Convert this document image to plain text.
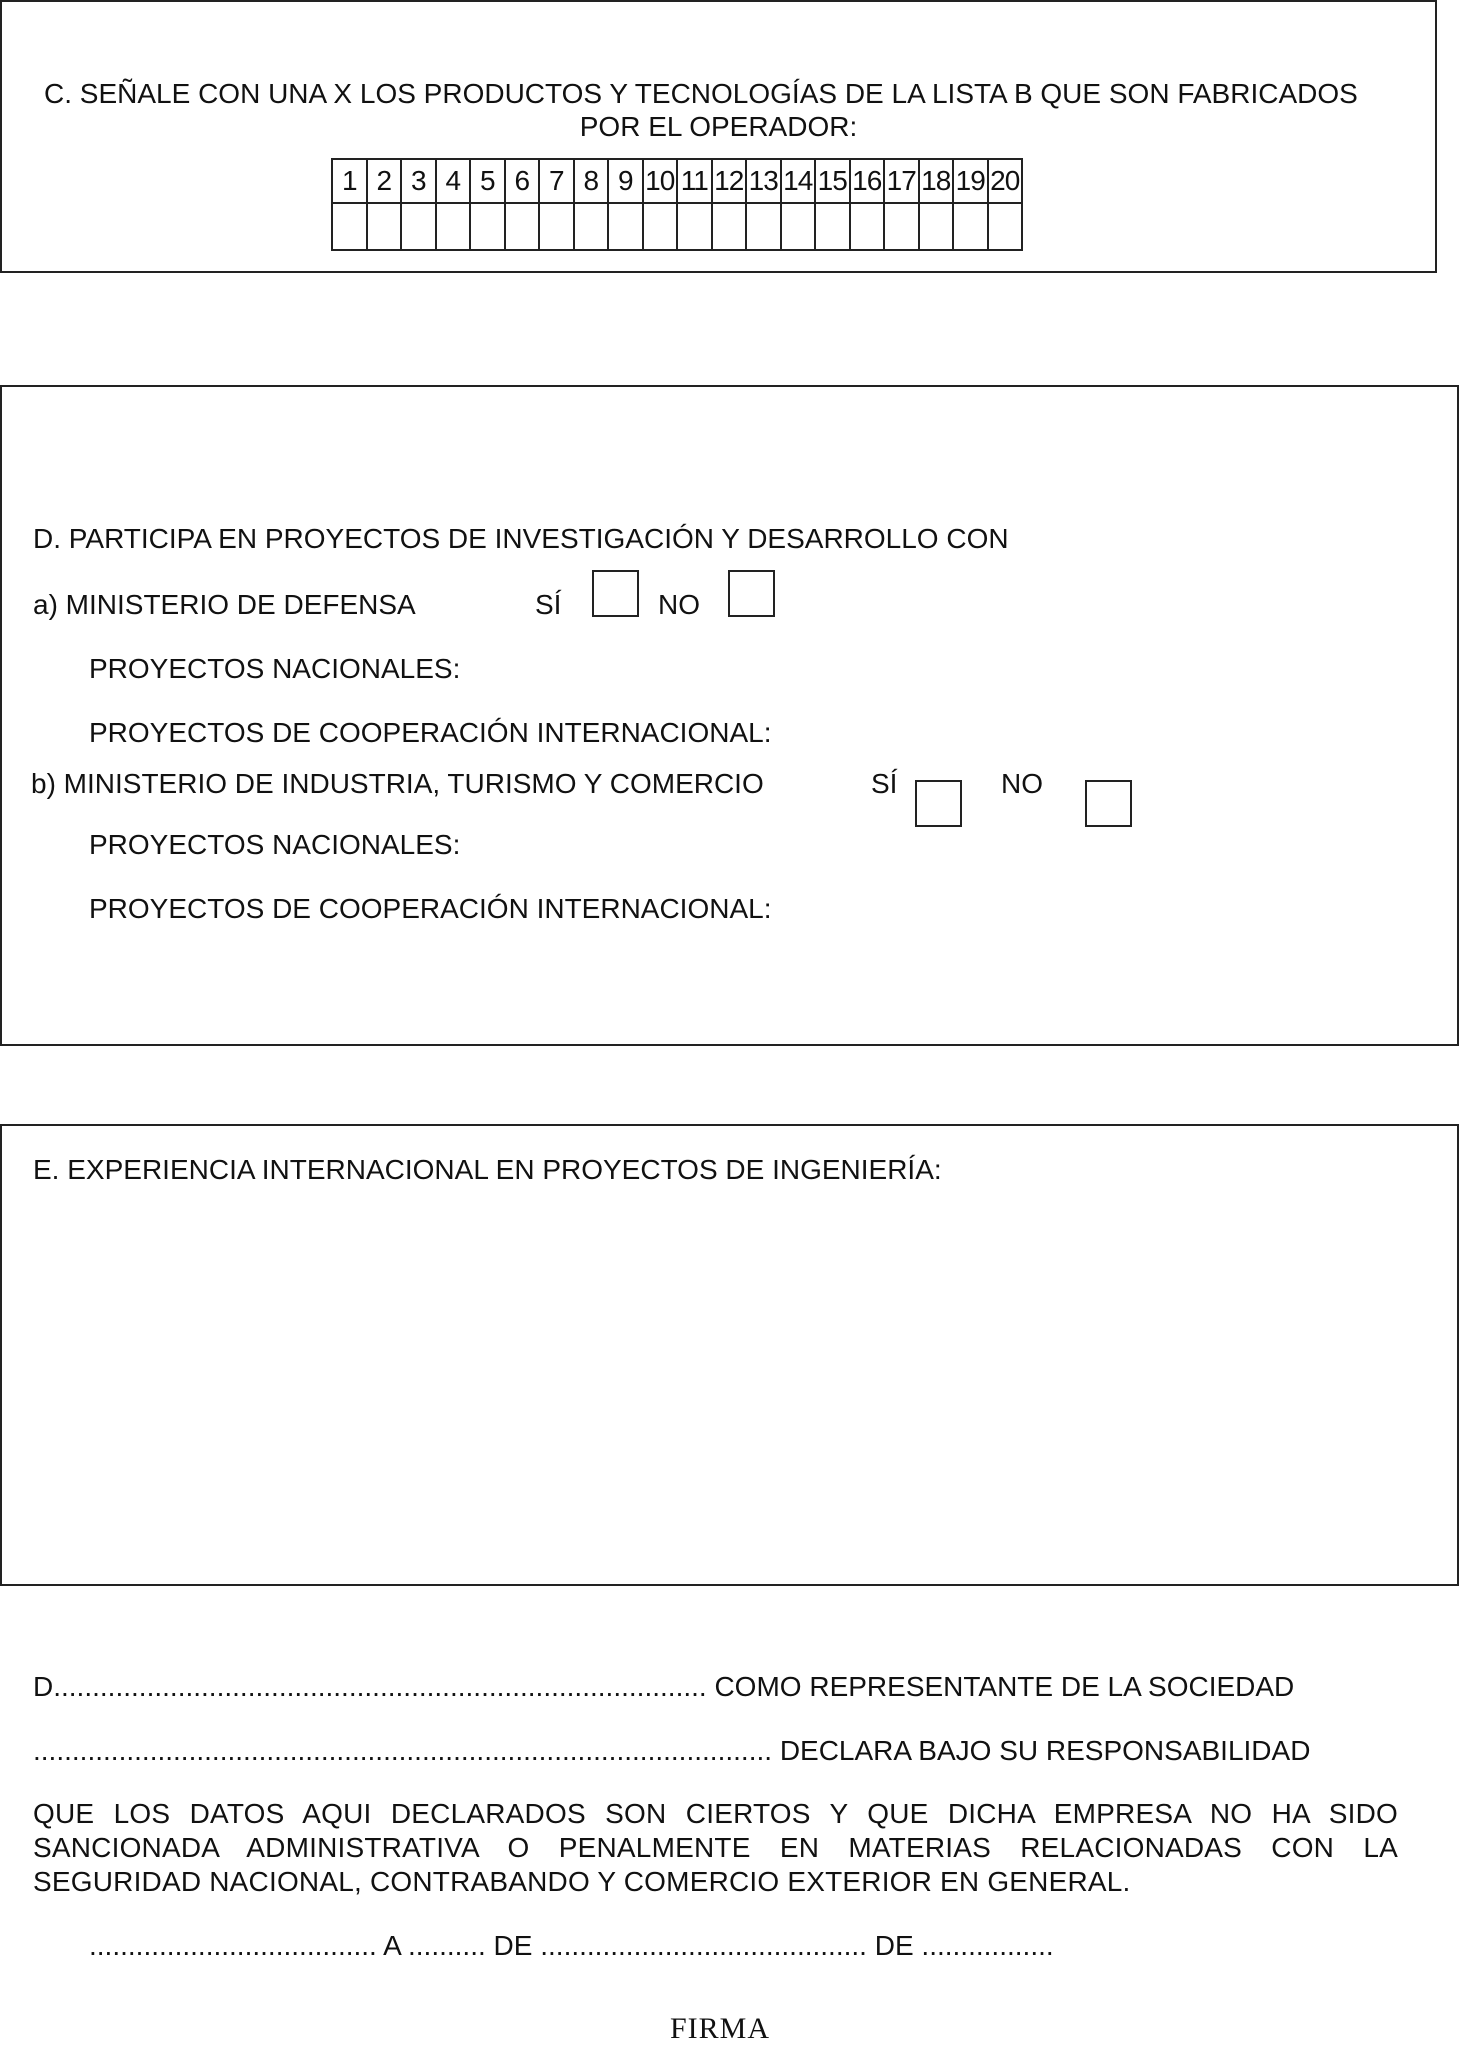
C. SEÑALE CON UNA X LOS PRODUCTOS Y TECNOLOGÍAS DE LA LISTA B QUE SON FABRICADOS
POR EL OPERADOR:
1	2	3	4	5	6	7	8	9	10	11	12	13	14	15	16	17	18	19	20

D. PARTICIPA EN PROYECTOS DE INVESTIGACIÓN Y DESARROLLO CON
a) MINISTERIO DE DEFENSA	SÍ	NO
PROYECTOS NACIONALES:
PROYECTOS DE COOPERACIÓN INTERNACIONAL:
b) MINISTERIO DE INDUSTRIA, TURISMO Y COMERCIO	SÍ	NO
PROYECTOS NACIONALES:
PROYECTOS DE COOPERACIÓN INTERNACIONAL:
E. EXPERIENCIA INTERNACIONAL EN PROYECTOS DE INGENIERÍA:
D.................................................................................... COMO REPRESENTANTE DE LA SOCIEDAD
............................................................................................... DECLARA BAJO SU RESPONSABILIDAD
QUE LOS DATOS AQUI DECLARADOS SON CIERTOS Y QUE DICHA EMPRESA NO HA SIDO SANCIONADA ADMINISTRATIVA O PENALMENTE EN MATERIAS RELACIONADAS CON LA SEGURIDAD NACIONAL, CONTRABANDO Y COMERCIO EXTERIOR EN GENERAL.
..................................... A .......... DE .......................................... DE .................
FIRMA
